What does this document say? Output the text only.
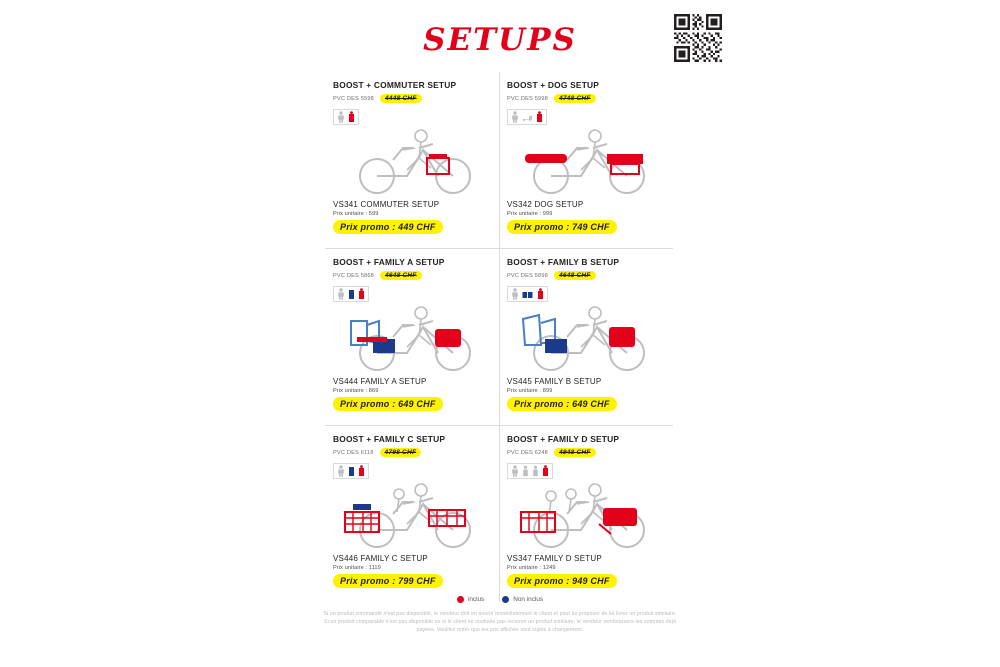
SETUPS
BOOST + COMMUTER SETUP
PVC DES 5598	4448 CHF
VS341 COMMUTER SETUP
Prix unitaire : 599
Prix promo : 449 CHF
BOOST + DOG SETUP
PVC DES 5998	4748 CHF
VS342 DOG SETUP
Prix unitaire : 999
Prix promo : 749 CHF
BOOST + FAMILY A SETUP
PVC DES 5868	4648 CHF
VS444 FAMILY A SETUP
Prix unitaire : 869
Prix promo : 649 CHF
BOOST + FAMILY B SETUP
PVC DES 5898	4648 CHF
VS445 FAMILY B SETUP
Prix unitaire : 899
Prix promo : 649 CHF
BOOST + FAMILY C SETUP
PVC DES 6118	4798 CHF
VS446 FAMILY C SETUP
Prix unitaire : 1119
Prix promo : 799 CHF
BOOST + FAMILY D SETUP
PVC DES 6248	4948 CHF
VS347 FAMILY D SETUP
Prix unitaire : 1249
Prix promo : 949 CHF
inclus	Non inclus
Si un produit commandé n'est pas disponible, le vendeur doit en avertir immédiatement le client et peut lui proposer de lui livrer un produit similaire.
Si un produit comparable n'est pas disponible ou si le client ne souhaite pas recevoir un produit similaire, le vendeur remboursera les sommes déjà
payées. Veuillez noter que les prix affichés sont sujets à changement.
